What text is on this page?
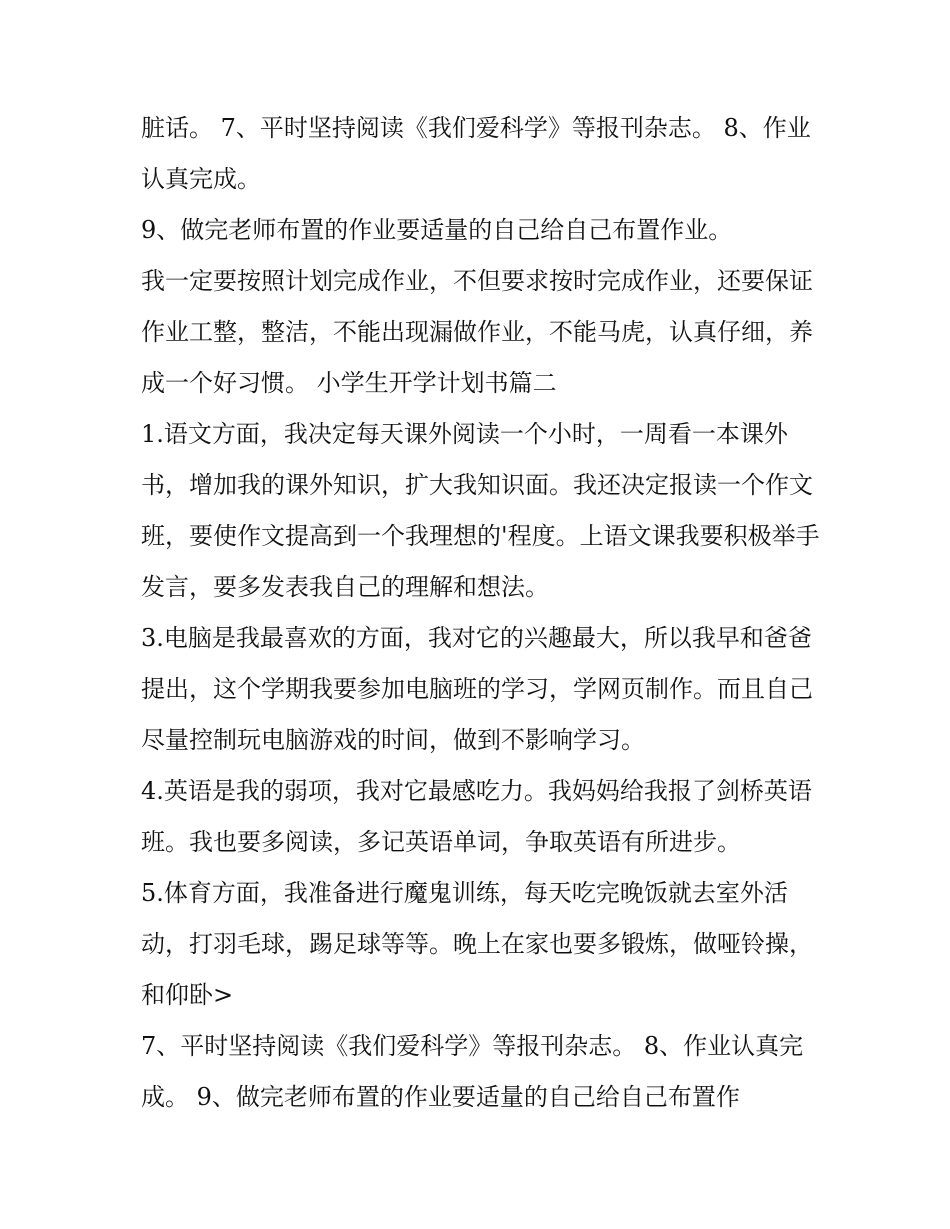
脏话。 7、平时坚持阅读《我们爱科学》等报刊杂志。 8、作业认真完成。

9、做完老师布置的作业要适量的自己给自己布置作业。

我一定要按照计划完成作业，不但要求按时完成作业，还要保证作业工整，整洁，不能出现漏做作业，不能马虎，认真仔细，养成一个好习惯。 小学生开学计划书篇二

1.语文方面，我决定每天课外阅读一个小时，一周看一本课外书，增加我的课外知识，扩大我知识面。我还决定报读一个作文班，要使作文提高到一个我理想的'程度。上语文课我要积极举手发言，要多发表我自己的理解和想法。

3.电脑是我最喜欢的方面，我对它的兴趣最大，所以我早和爸爸提出，这个学期我要参加电脑班的学习，学网页制作。而且自己尽量控制玩电脑游戏的时间，做到不影响学习。

4.英语是我的弱项，我对它最感吃力。我妈妈给我报了剑桥英语班。我也要多阅读，多记英语单词，争取英语有所进步。

5.体育方面，我准备进行魔鬼训练，每天吃完晚饭就去室外活动，打羽毛球，踢足球等等。晚上在家也要多锻炼，做哑铃操，和仰卧>

7、平时坚持阅读《我们爱科学》等报刊杂志。 8、作业认真完成。 9、做完老师布置的作业要适量的自己给自己布置作
